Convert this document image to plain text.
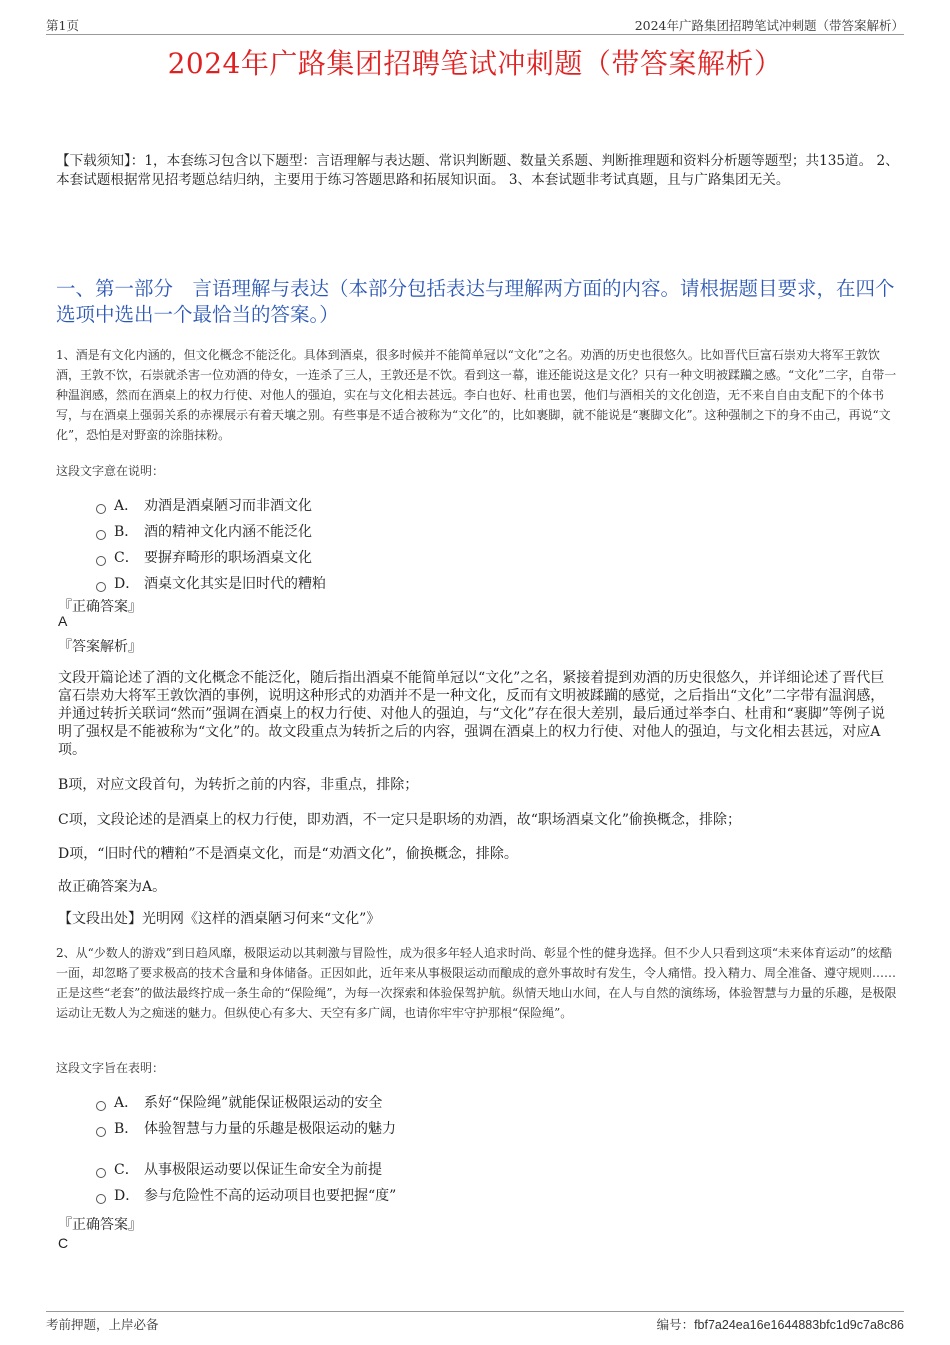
第1页	2024年广路集团招聘笔试冲刺题（带答案解析）
2024年广路集团招聘笔试冲刺题（带答案解析）
【下载须知】：1，本套练习包含以下题型：言语理解与表达题、常识判断题、数量关系题、判断推理题和资料分析题等题型；共135道。 2、本套试题根据常见招考题总结归纳，主要用于练习答题思路和拓展知识面。 3、本套试题非考试真题，且与广路集团无关。
一、第一部分　言语理解与表达（本部分包括表达与理解两方面的内容。请根据题目要求，在四个选项中选出一个最恰当的答案。）
1、酒是有文化内涵的，但文化概念不能泛化。具体到酒桌，很多时候并不能简单冠以“文化”之名。劝酒的历史也很悠久。比如晋代巨富石崇劝大将军王敦饮酒，王敦不饮，石崇就杀害一位劝酒的侍女，一连杀了三人，王敦还是不饮。看到这一幕，谁还能说这是文化？只有一种文明被蹂躏之感。“文化”二字，自带一种温润感，然而在酒桌上的权力行使、对他人的强迫，实在与文化相去甚远。李白也好、杜甫也罢，他们与酒相关的文化创造，无不来自自由支配下的个体书写，与在酒桌上强弱关系的赤裸展示有着天壤之别。有些事是不适合被称为“文化”的，比如裹脚，就不能说是“裹脚文化”。这种强制之下的身不由己，再说“文化”，恐怕是对野蛮的涂脂抹粉。
这段文字意在说明：
A． 劝酒是酒桌陋习而非酒文化
B． 酒的精神文化内涵不能泛化
C． 要摒弃畸形的职场酒桌文化
D． 酒桌文化其实是旧时代的糟粕
『正确答案』
A
『答案解析』
文段开篇论述了酒的文化概念不能泛化，随后指出酒桌不能简单冠以“文化”之名，紧接着提到劝酒的历史很悠久，并详细论述了晋代巨富石崇劝大将军王敦饮酒的事例，说明这种形式的劝酒并不是一种文化，反而有文明被蹂躏的感觉，之后指出“文化”二字带有温润感，并通过转折关联词“然而”强调在酒桌上的权力行使、对他人的强迫，与“文化”存在很大差别，最后通过举李白、杜甫和“裹脚”等例子说明了强权是不能被称为“文化”的。故文段重点为转折之后的内容，强调在酒桌上的权力行使、对他人的强迫，与文化相去甚远，对应A项。
B项，对应文段首句，为转折之前的内容，非重点，排除；
C项，文段论述的是酒桌上的权力行使，即劝酒，不一定只是职场的劝酒，故“职场酒桌文化”偷换概念，排除；
D项，“旧时代的糟粕”不是酒桌文化，而是“劝酒文化”，偷换概念，排除。
故正确答案为A。
【文段出处】光明网《这样的酒桌陋习何来“文化”》
2、从“少数人的游戏”到日趋风靡，极限运动以其刺激与冒险性，成为很多年轻人追求时尚、彰显个性的健身选择。但不少人只看到这项“未来体育运动”的炫酷一面，却忽略了要求极高的技术含量和身体储备。正因如此，近年来从事极限运动而酿成的意外事故时有发生，令人痛惜。投入精力、周全准备、遵守规则……正是这些“老套”的做法最终拧成一条生命的“保险绳”，为每一次探索和体验保驾护航。纵情天地山水间，在人与自然的演练场，体验智慧与力量的乐趣，是极限运动让无数人为之痴迷的魅力。但纵使心有多大、天空有多广阔，也请你牢牢守护那根“保险绳”。
这段文字旨在表明：
A． 系好“保险绳”就能保证极限运动的安全
B． 体验智慧与力量的乐趣是极限运动的魅力
C． 从事极限运动要以保证生命安全为前提
D． 参与危险性不高的运动项目也要把握“度”
『正确答案』
C
考前押题，上岸必备	编号：fbf7a24ea16e1644883bfc1d9c7a8c86
